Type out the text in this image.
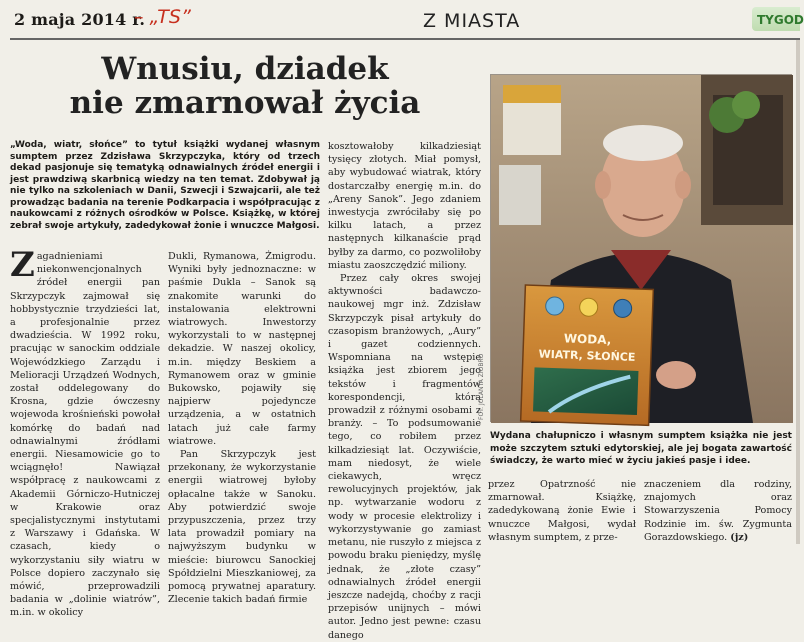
2 maja 2014 r.
– „TS”	Z MIASTA	TYGOD
Wnusiu, dziadek
nie zmarnował życia
„Woda, wiatr, słońce” to tytuł książki wydanej własnym sumptem przez Zdzisława Skrzypczyka, który od trzech dekad pasjonuje się tematyką odnawialnych źródeł energii i jest prawdziwą skarbnicą wiedzy na ten temat. Zdobywał ją nie tylko na szkoleniach w Danii, Szwecji i Szwajcarii, ale też prowadząc badania na terenie Podkarpacia i współpracując z naukowcami z różnych ośrodków w Polsce. Książkę, w której zebrał swoje artykuły, zadedykował żonie i wnuczce Małgosi.

Zagadnieniami niekonwencjonalnych źródeł energii pan Skrzypczyk zajmował się hobbystycznie trzydzieści lat, a profesjonalnie przez dwadzieścia. W 1992 roku, pracując w sanockim oddziale Wojewódzkiego Zarządu i Melioracji Urządzeń Wodnych, został oddelegowany do Krosna, gdzie ówczesny wojewoda krośnieński powołał komórkę do badań nad odnawialnymi źródłami energii. Niesamowicie go to wciągnęło! Nawiązał współpracę z naukowcami z Akademii Górniczo-Hutniczej w Krakowie oraz specjalistycznymi instytutami z Warszawy i Gdańska. W czasach, kiedy o wykorzystaniu siły wiatru w Polsce dopiero zaczynało się mówić, przeprowadzili badania w „dolinie wiatrów”, m.in. w okolicy

Dukli, Rymanowa, Żmigrodu. Wyniki były jednoznaczne: w paśmie Dukla – Sanok są znakomite warunki do instalowania elektrowni wiatrowych. Inwestorzy wykorzystali to w następnej dekadzie. W naszej okolicy, m.in. między Beskiem a Rymanowem oraz w gminie Bukowsko, pojawiły się najpierw pojedyncze urządzenia, a w ostatnich latach już całe farmy wiatrowe.

Pan Skrzypczyk jest przekonany, że wykorzystanie energii wiatrowej byłoby opłacalne także w Sanoku. Aby potwierdzić swoje przypuszczenia, przez trzy lata prowadził pomiary na najwyższym budynku w mieście: biurowcu Sanockiej Spółdzielni Mieszkaniowej, za pomocą prywatnej aparatury. Zlecenie takich badań firmie

kosztowałoby kilkadziesiąt tysięcy złotych. Miał pomysł, aby wybudować wiatrak, który dostarczałby energię m.in. do „Areny Sanok”. Jego zdaniem inwestycja zwróciłaby się po kilku latach, a przez następnych kilkanaście prąd byłby za darmo, co pozwoliłoby miastu zaoszczędzić miliony.

Przez cały okres swojej aktywności badawczo-naukowej mgr inż. Zdzisław Skrzypczyk pisał artykuły do czasopism branżowych, „Aury” i gazet codziennych. Wspomniana na wstępie książka jest zbiorem jego tekstów i fragmentów korespondencji, którą prowadził z różnymi osobami z branży. – To podsumowanie tego, co robiłem przez kilkadziesiąt lat. Oczywiście, mam niedosyt, że wiele ciekawych, wręcz rewolucyjnych projektów, jak np. wytwarzanie wodoru z wody w procesie elektrolizy i wykorzystywanie go zamiast metanu, nie ruszyło z miejsca z powodu braku pieniędzy, myślę jednak, że „złote czasy” odnawialnych źródeł energii jeszcze nadejdą, choćby z racji przepisów unijnych – mówi autor. Jedno jest pewne: czasu danego

przez Opatrzność nie zmarnował. Książkę, zadedykowaną żonie Ewie i wnuczce Małgosi, wydał własnym sumptem, z prze-

znaczeniem dla rodziny, znajomych oraz Stowarzyszenia Pomocy Rodzinie im. św. Zygmunta Gorazdowskiego. (jz)

WODA,
WIATR, SŁOŃCE
FOT. JOLANTA ZIOBRO
Wydana chałupniczo i własnym sumptem książka nie jest może szczytem sztuki edytorskiej, ale jej bogata zawartość świadczy, że warto mieć w życiu jakieś pasje i idee.
